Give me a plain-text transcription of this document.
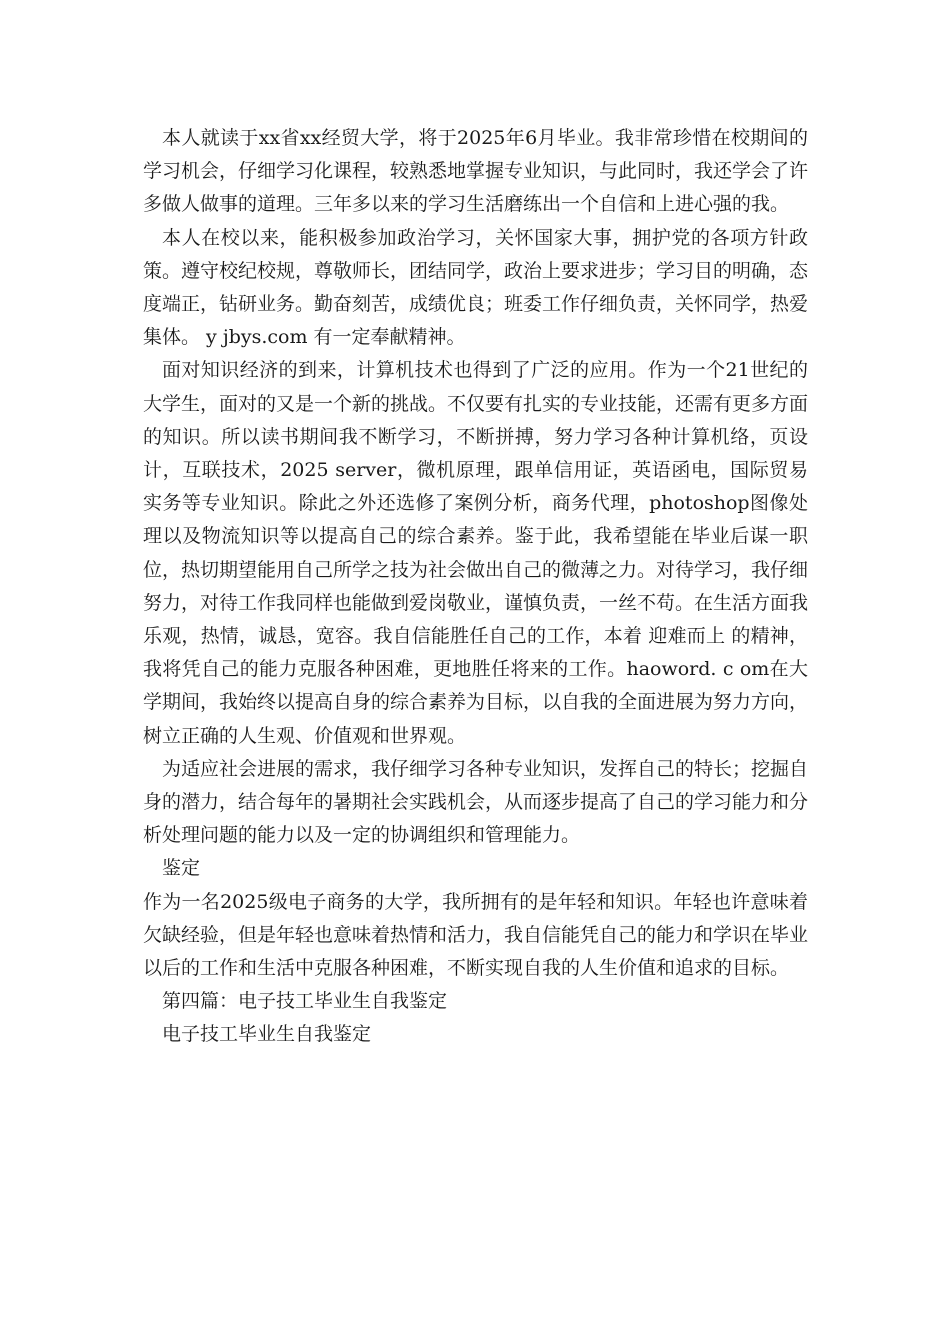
本人就读于xx省xx经贸大学，将于2025年6月毕业。我非常珍惜在校期间的学习机会，仔细学习化课程，较熟悉地掌握专业知识，与此同时，我还学会了许多做人做事的道理。三年多以来的学习生活磨练出一个自信和上进心强的我。

本人在校以来，能积极参加政治学习，关怀国家大事，拥护党的各项方针政策。遵守校纪校规，尊敬师长，团结同学，政治上要求进步；学习目的明确，态度端正，钻研业务。勤奋刻苦，成绩优良；班委工作仔细负责，关怀同学，热爱集体。 y jbys.com 有一定奉献精神。

面对知识经济的到来，计算机技术也得到了广泛的应用。作为一个21世纪的大学生，面对的又是一个新的挑战。不仅要有扎实的专业技能，还需有更多方面的知识。所以读书期间我不断学习，不断拼搏，努力学习各种计算机络，页设计，互联技术，2025 server，微机原理，跟单信用证，英语函电，国际贸易实务等专业知识。除此之外还选修了案例分析，商务代理，photoshop图像处理以及物流知识等以提高自己的综合素养。鉴于此，我希望能在毕业后谋一职位，热切期望能用自己所学之技为社会做出自己的微薄之力。对待学习，我仔细努力，对待工作我同样也能做到爱岗敬业，谨慎负责，一丝不苟。在生活方面我乐观，热情，诚恳，宽容。我自信能胜任自己的工作，本着 迎难而上 的精神，我将凭自己的能力克服各种困难，更地胜任将来的工作。haoword. c om在大学期间，我始终以提高自身的综合素养为目标，以自我的全面进展为努力方向，树立正确的人生观、价值观和世界观。

为适应社会进展的需求，我仔细学习各种专业知识，发挥自己的特长；挖掘自身的潜力，结合每年的暑期社会实践机会，从而逐步提高了自己的学习能力和分析处理问题的能力以及一定的协调组织和管理能力。

鉴定

作为一名2025级电子商务的大学，我所拥有的是年轻和知识。年轻也许意味着欠缺经验，但是年轻也意味着热情和活力，我自信能凭自己的能力和学识在毕业以后的工作和生活中克服各种困难，不断实现自我的人生价值和追求的目标。

第四篇：电子技工毕业生自我鉴定

电子技工毕业生自我鉴定
